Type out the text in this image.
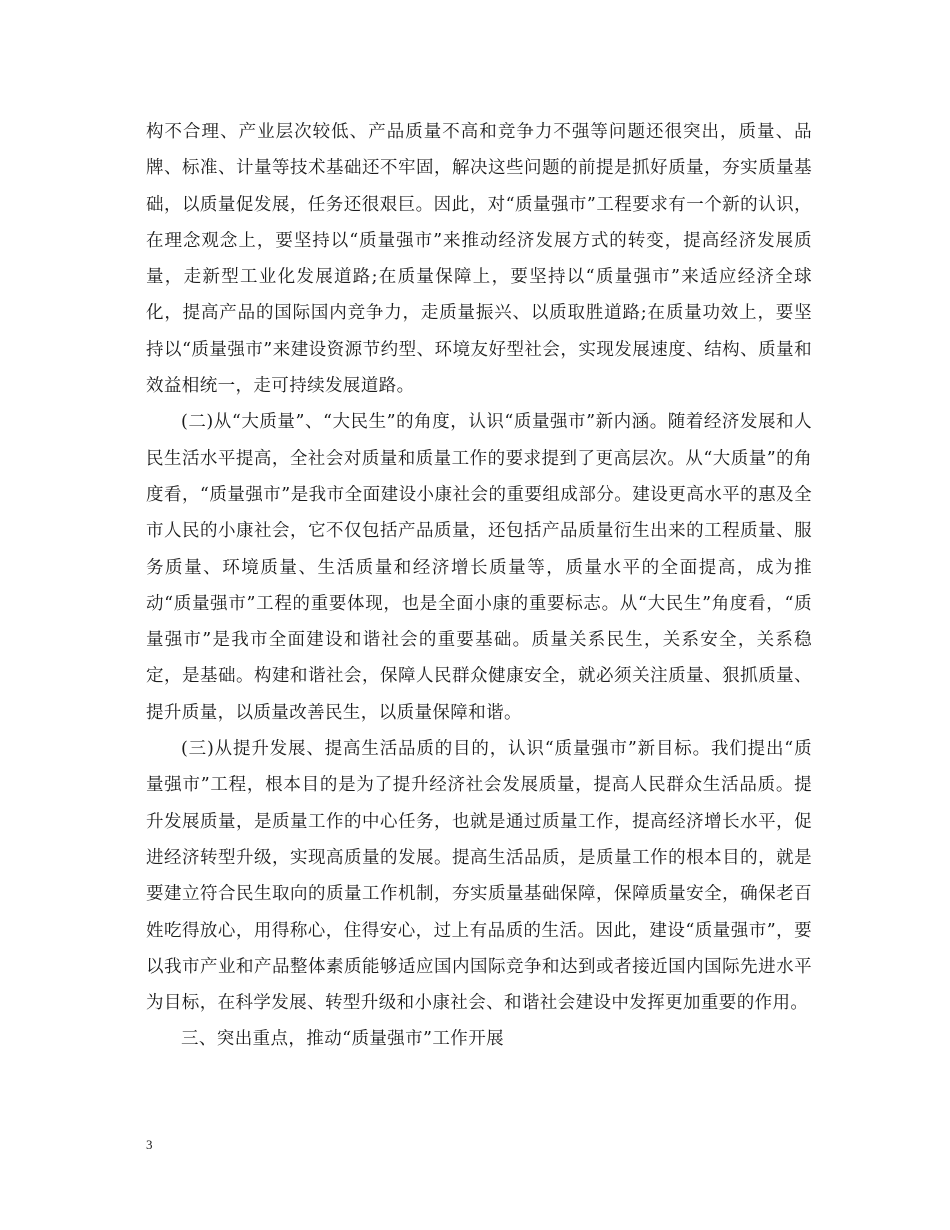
构不合理、产业层次较低、产品质量不高和竞争力不强等问题还很突出，质量、品牌、标准、计量等技术基础还不牢固，解决这些问题的前提是抓好质量，夯实质量基础，以质量促发展，任务还很艰巨。因此，对“质量强市”工程要求有一个新的认识，在理念观念上，要坚持以“质量强市”来推动经济发展方式的转变，提高经济发展质量，走新型工业化发展道路;在质量保障上，要坚持以“质量强市”来适应经济全球化，提高产品的国际国内竞争力，走质量振兴、以质取胜道路;在质量功效上，要坚持以“质量强市”来建设资源节约型、环境友好型社会，实现发展速度、结构、质量和效益相统一，走可持续发展道路。

(二)从“大质量”、“大民生”的角度，认识“质量强市”新内涵。随着经济发展和人民生活水平提高，全社会对质量和质量工作的要求提到了更高层次。从“大质量”的角度看，“质量强市”是我市全面建设小康社会的重要组成部分。建设更高水平的惠及全市人民的小康社会，它不仅包括产品质量，还包括产品质量衍生出来的工程质量、服务质量、环境质量、生活质量和经济增长质量等，质量水平的全面提高，成为推动“质量强市”工程的重要体现，也是全面小康的重要标志。从“大民生”角度看，“质量强市”是我市全面建设和谐社会的重要基础。质量关系民生，关系安全，关系稳定，是基础。构建和谐社会，保障人民群众健康安全，就必须关注质量、狠抓质量、提升质量，以质量改善民生，以质量保障和谐。

(三)从提升发展、提高生活品质的目的，认识“质量强市”新目标。我们提出“质量强市”工程，根本目的是为了提升经济社会发展质量，提高人民群众生活品质。提升发展质量，是质量工作的中心任务，也就是通过质量工作，提高经济增长水平，促进经济转型升级，实现高质量的发展。提高生活品质，是质量工作的根本目的，就是要建立符合民生取向的质量工作机制，夯实质量基础保障，保障质量安全，确保老百姓吃得放心，用得称心，住得安心，过上有品质的生活。因此，建设“质量强市”，要以我市产业和产品整体素质能够适应国内国际竞争和达到或者接近国内国际先进水平为目标，在科学发展、转型升级和小康社会、和谐社会建设中发挥更加重要的作用。

三、突出重点，推动“质量强市”工作开展

3
